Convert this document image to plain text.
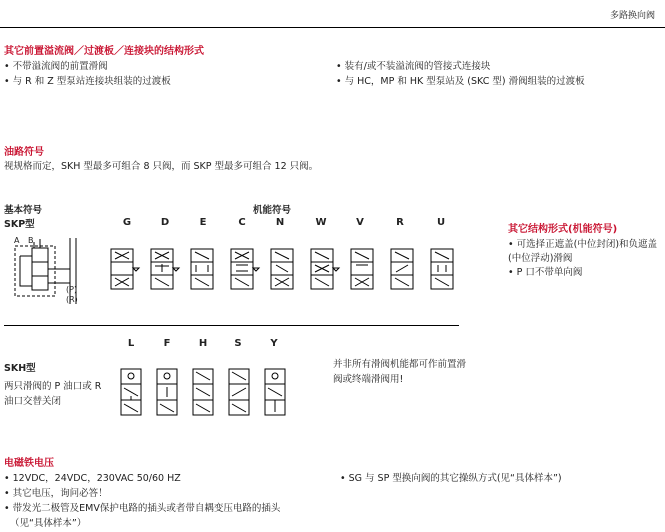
多路换向阀
其它前置溢流阀／过渡板／连接块的结构形式
• 不带溢流阀的前置滑阀
• 与 R 和 Z 型泵站连接块组装的过渡板
• 装有/或不装溢流阀的管接式连接块
• 与 HC，MP 和 HK 型泵站及 (SKC 型) 滑阀组装的过渡板
油路符号
视规格而定，SKH 型最多可组合 8 只阀，而 SKP 型最多可组合 12 只阀。
基本符号
SKP型
机能符号
A B
(P)
(R)
G	D	E	C	N	W	V	R	U
其它结构形式(机能符号)
• 可选择正遮盖(中位封闭)和负遮盖
(中位浮动)滑阀
• P 口不带单向阀
L	F	H	S	Y
SKH型
两只滑阀的 P 油口或 R
油口交替关闭
并非所有滑阀机能都可作前置滑
阀或终端滑阀用!
电磁铁电压
• 12VDC，24VDC，230VAC 50/60 HZ
• 其它电压，询问必答！
• 带发光二极管及EMV保护电路的插头或者带自耦变压电路的插头
（见“具体样本”）
• SG 与 SP 型换向阀的其它操纵方式(见“具体样本”)
